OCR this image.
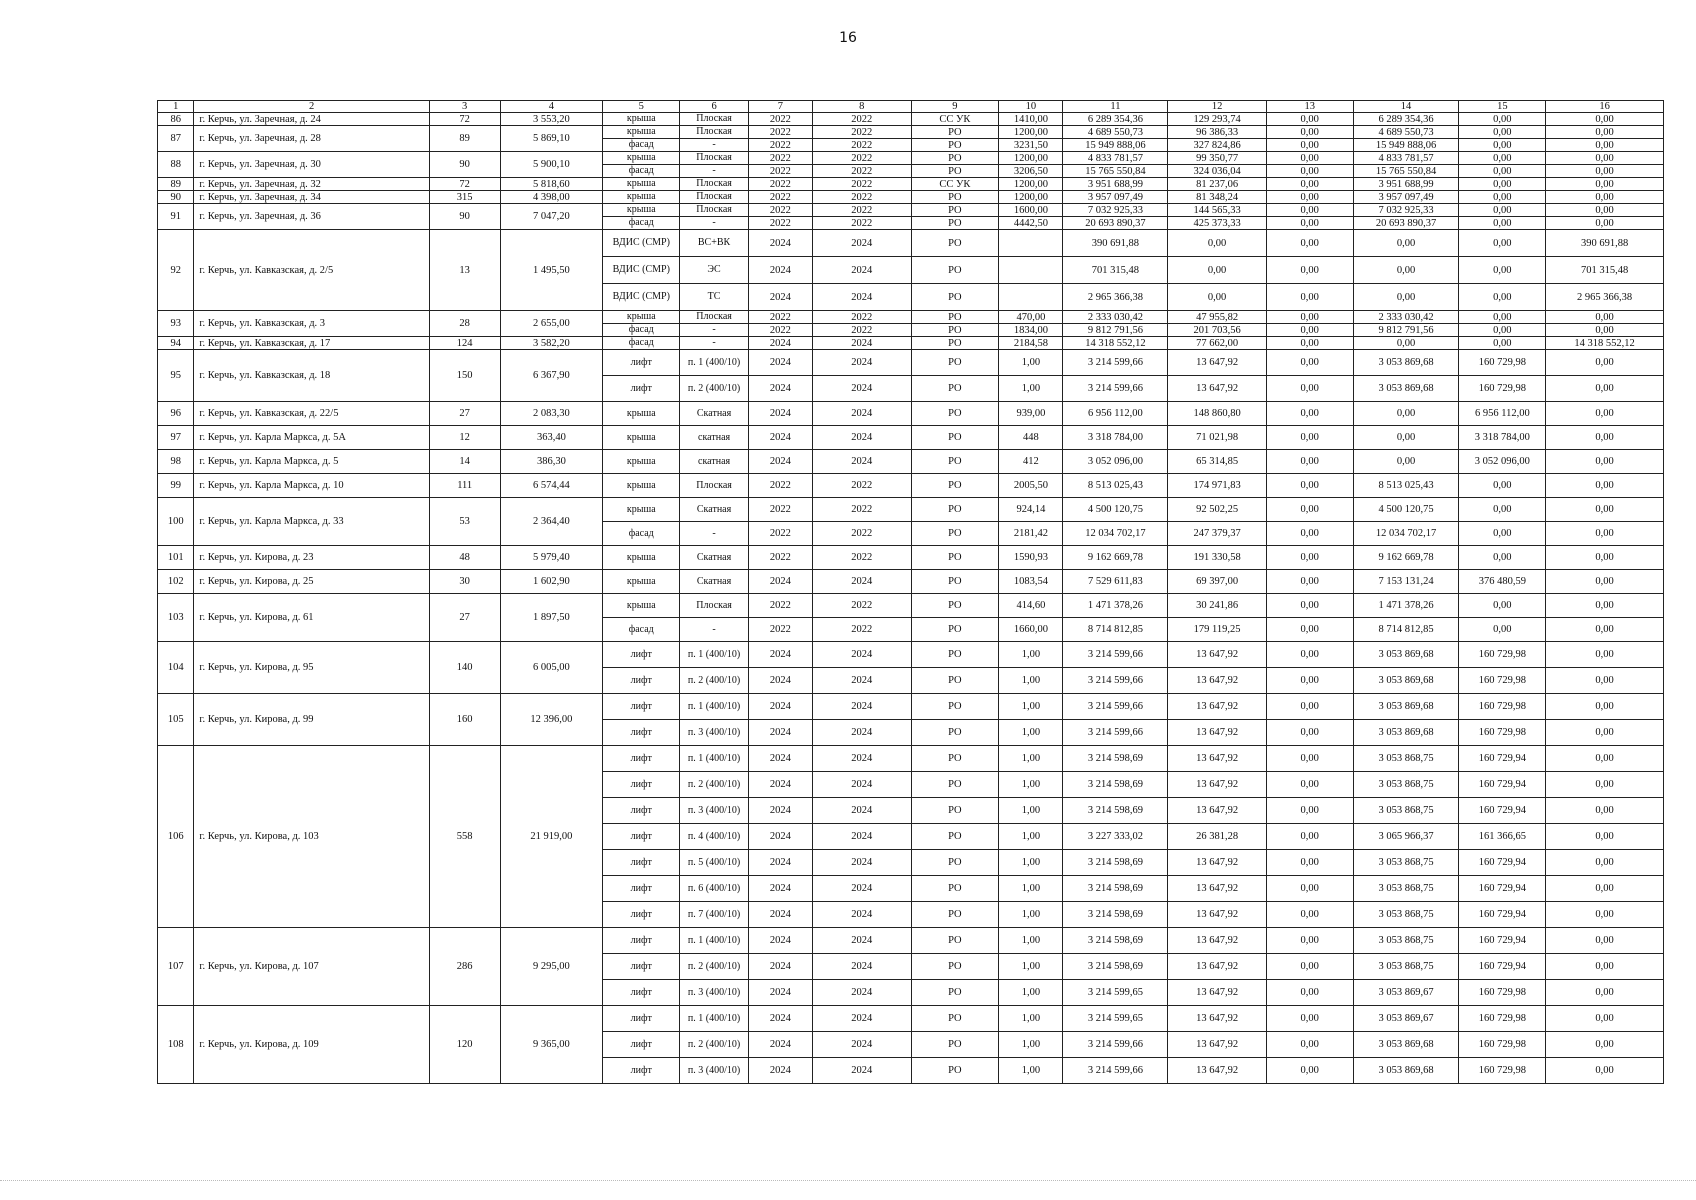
16
1	2	3	4	5	6	7	8	9	10	11	12	13	14	15	16
86	г. Керчь, ул. Заречная, д. 24	72	3 553,20	крыша	Плоская	2022	2022	СС УК	1410,00	6 289 354,36	129 293,74	0,00	6 289 354,36	0,00	0,00
87	г. Керчь, ул. Заречная, д. 28	89	5 869,10	крыша	Плоская	2022	2022	РО	1200,00	4 689 550,73	96 386,33	0,00	4 689 550,73	0,00	0,00
				фасад	-	2022	2022	РО	3231,50	15 949 888,06	327 824,86	0,00	15 949 888,06	0,00	0,00
88	г. Керчь, ул. Заречная, д. 30	90	5 900,10	крыша	Плоская	2022	2022	РО	1200,00	4 833 781,57	99 350,77	0,00	4 833 781,57	0,00	0,00
				фасад	-	2022	2022	РО	3206,50	15 765 550,84	324 036,04	0,00	15 765 550,84	0,00	0,00
89	г. Керчь, ул. Заречная, д. 32	72	5 818,60	крыша	Плоская	2022	2022	СС УК	1200,00	3 951 688,99	81 237,06	0,00	3 951 688,99	0,00	0,00
90	г. Керчь, ул. Заречная, д. 34	315	4 398,00	крыша	Плоская	2022	2022	РО	1200,00	3 957 097,49	81 348,24	0,00	3 957 097,49	0,00	0,00
91	г. Керчь, ул. Заречная, д. 36	90	7 047,20	крыша	Плоская	2022	2022	РО	1600,00	7 032 925,33	144 565,33	0,00	7 032 925,33	0,00	0,00
				фасад	-	2022	2022	РО	4442,50	20 693 890,37	425 373,33	0,00	20 693 890,37	0,00	0,00
92	г. Керчь, ул. Кавказская, д. 2/5	13	1 495,50	ВДИС (СМР)	ВС+ВК	2024	2024	РО		390 691,88	0,00	0,00	0,00	0,00	390 691,88
				ВДИС (СМР)	ЭС	2024	2024	РО		701 315,48	0,00	0,00	0,00	0,00	701 315,48
				ВДИС (СМР)	ТС	2024	2024	РО		2 965 366,38	0,00	0,00	0,00	0,00	2 965 366,38
93	г. Керчь, ул. Кавказская, д. 3	28	2 655,00	крыша	Плоская	2022	2022	РО	470,00	2 333 030,42	47 955,82	0,00	2 333 030,42	0,00	0,00
				фасад	-	2022	2022	РО	1834,00	9 812 791,56	201 703,56	0,00	9 812 791,56	0,00	0,00
94	г. Керчь, ул. Кавказская, д. 17	124	3 582,20	фасад	-	2024	2024	РО	2184,58	14 318 552,12	77 662,00	0,00	0,00	0,00	14 318 552,12
95	г. Керчь, ул. Кавказская, д. 18	150	6 367,90	лифт	п. 1 (400/10)	2024	2024	РО	1,00	3 214 599,66	13 647,92	0,00	3 053 869,68	160 729,98	0,00
				лифт	п. 2 (400/10)	2024	2024	РО	1,00	3 214 599,66	13 647,92	0,00	3 053 869,68	160 729,98	0,00
96	г. Керчь, ул. Кавказская, д. 22/5	27	2 083,30	крыша	Скатная	2024	2024	РО	939,00	6 956 112,00	148 860,80	0,00	0,00	6 956 112,00	0,00
97	г. Керчь, ул. Карла Маркса, д. 5А	12	363,40	крыша	скатная	2024	2024	РО	448	3 318 784,00	71 021,98	0,00	0,00	3 318 784,00	0,00
98	г. Керчь, ул. Карла Маркса, д. 5	14	386,30	крыша	скатная	2024	2024	РО	412	3 052 096,00	65 314,85	0,00	0,00	3 052 096,00	0,00
99	г. Керчь, ул. Карла Маркса, д. 10	111	6 574,44	крыша	Плоская	2022	2022	РО	2005,50	8 513 025,43	174 971,83	0,00	8 513 025,43	0,00	0,00
100	г. Керчь, ул. Карла Маркса, д. 33	53	2 364,40	крыша	Скатная	2022	2022	РО	924,14	4 500 120,75	92 502,25	0,00	4 500 120,75	0,00	0,00
				фасад	-	2022	2022	РО	2181,42	12 034 702,17	247 379,37	0,00	12 034 702,17	0,00	0,00
101	г. Керчь, ул. Кирова, д. 23	48	5 979,40	крыша	Скатная	2022	2022	РО	1590,93	9 162 669,78	191 330,58	0,00	9 162 669,78	0,00	0,00
102	г. Керчь, ул. Кирова, д. 25	30	1 602,90	крыша	Скатная	2024	2024	РО	1083,54	7 529 611,83	69 397,00	0,00	7 153 131,24	376 480,59	0,00
103	г. Керчь, ул. Кирова, д. 61	27	1 897,50	крыша	Плоская	2022	2022	РО	414,60	1 471 378,26	30 241,86	0,00	1 471 378,26	0,00	0,00
				фасад	-	2022	2022	РО	1660,00	8 714 812,85	179 119,25	0,00	8 714 812,85	0,00	0,00
104	г. Керчь, ул. Кирова, д. 95	140	6 005,00	лифт	п. 1 (400/10)	2024	2024	РО	1,00	3 214 599,66	13 647,92	0,00	3 053 869,68	160 729,98	0,00
				лифт	п. 2 (400/10)	2024	2024	РО	1,00	3 214 599,66	13 647,92	0,00	3 053 869,68	160 729,98	0,00
105	г. Керчь, ул. Кирова, д. 99	160	12 396,00	лифт	п. 1 (400/10)	2024	2024	РО	1,00	3 214 599,66	13 647,92	0,00	3 053 869,68	160 729,98	0,00
				лифт	п. 3 (400/10)	2024	2024	РО	1,00	3 214 599,66	13 647,92	0,00	3 053 869,68	160 729,98	0,00
106	г. Керчь, ул. Кирова, д. 103	558	21 919,00	лифт	п. 1 (400/10)	2024	2024	РО	1,00	3 214 598,69	13 647,92	0,00	3 053 868,75	160 729,94	0,00
				лифт	п. 2 (400/10)	2024	2024	РО	1,00	3 214 598,69	13 647,92	0,00	3 053 868,75	160 729,94	0,00
				лифт	п. 3 (400/10)	2024	2024	РО	1,00	3 214 598,69	13 647,92	0,00	3 053 868,75	160 729,94	0,00
				лифт	п. 4 (400/10)	2024	2024	РО	1,00	3 227 333,02	26 381,28	0,00	3 065 966,37	161 366,65	0,00
				лифт	п. 5 (400/10)	2024	2024	РО	1,00	3 214 598,69	13 647,92	0,00	3 053 868,75	160 729,94	0,00
				лифт	п. 6 (400/10)	2024	2024	РО	1,00	3 214 598,69	13 647,92	0,00	3 053 868,75	160 729,94	0,00
				лифт	п. 7 (400/10)	2024	2024	РО	1,00	3 214 598,69	13 647,92	0,00	3 053 868,75	160 729,94	0,00
107	г. Керчь, ул. Кирова, д. 107	286	9 295,00	лифт	п. 1 (400/10)	2024	2024	РО	1,00	3 214 598,69	13 647,92	0,00	3 053 868,75	160 729,94	0,00
				лифт	п. 2 (400/10)	2024	2024	РО	1,00	3 214 598,69	13 647,92	0,00	3 053 868,75	160 729,94	0,00
				лифт	п. 3 (400/10)	2024	2024	РО	1,00	3 214 599,65	13 647,92	0,00	3 053 869,67	160 729,98	0,00
108	г. Керчь, ул. Кирова, д. 109	120	9 365,00	лифт	п. 1 (400/10)	2024	2024	РО	1,00	3 214 599,65	13 647,92	0,00	3 053 869,67	160 729,98	0,00
				лифт	п. 2 (400/10)	2024	2024	РО	1,00	3 214 599,66	13 647,92	0,00	3 053 869,68	160 729,98	0,00
				лифт	п. 3 (400/10)	2024	2024	РО	1,00	3 214 599,66	13 647,92	0,00	3 053 869,68	160 729,98	0,00
